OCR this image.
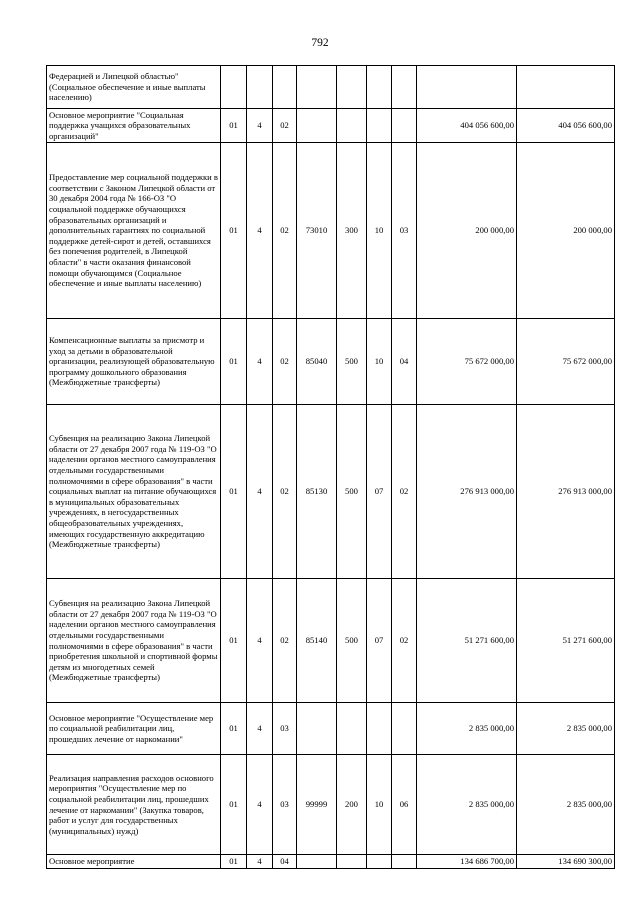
792
Федерацией и Липецкой областью" (Социальное обеспечение и иные выплаты населению)									
Основное мероприятие "Социальная поддержка учащихся образовательных организаций"	01	4	02					404 056 600,00	404 056 600,00
Предоставление мер социальной поддержки в соответствии с Законом Липецкой области от 30 декабря 2004 года № 166-ОЗ "О социальной поддержке обучающихся образовательных организаций и дополнительных гарантиях по социальной поддержке детей-сирот и детей, оставшихся без попечения родителей, в Липецкой области" в части оказания финансовой помощи обучающимся (Социальное обеспечение и иные выплаты населению)	01	4	02	73010	300	10	03	200 000,00	200 000,00
Компенсационные выплаты за присмотр и уход за детьми в образовательной организации, реализующей образовательную программу дошкольного образования (Межбюджетные трансферты)	01	4	02	85040	500	10	04	75 672 000,00	75 672 000,00
Субвенция на реализацию Закона Липецкой области от 27 декабря 2007 года № 119-ОЗ "О наделении органов местного самоуправления отдельными государственными полномочиями в сфере образования" в части социальных выплат на питание обучающихся в муниципальных образовательных учреждениях, в негосударственных общеобразовательных учреждениях, имеющих государственную аккредитацию (Межбюджетные трансферты)	01	4	02	85130	500	07	02	276 913 000,00	276 913 000,00
Субвенция на реализацию Закона Липецкой области от 27 декабря 2007 года № 119-ОЗ "О наделении органов местного самоуправления отдельными государственными полномочиями в сфере образования" в части приобретения школьной и спортивной формы детям из многодетных семей (Межбюджетные трансферты)	01	4	02	85140	500	07	02	51 271 600,00	51 271 600,00
Основное мероприятие "Осуществление мер по социальной реабилитации лиц, прошедших лечение от наркомании"	01	4	03					2 835 000,00	2 835 000,00
Реализация направления расходов основного мероприятия "Осуществление мер по социальной реабилитации лиц, прошедших лечение от наркомании" (Закупка товаров, работ и услуг для государственных (муниципальных) нужд)	01	4	03	99999	200	10	06	2 835 000,00	2 835 000,00
Основное мероприятие	01	4	04					134 686 700,00	134 690 300,00
